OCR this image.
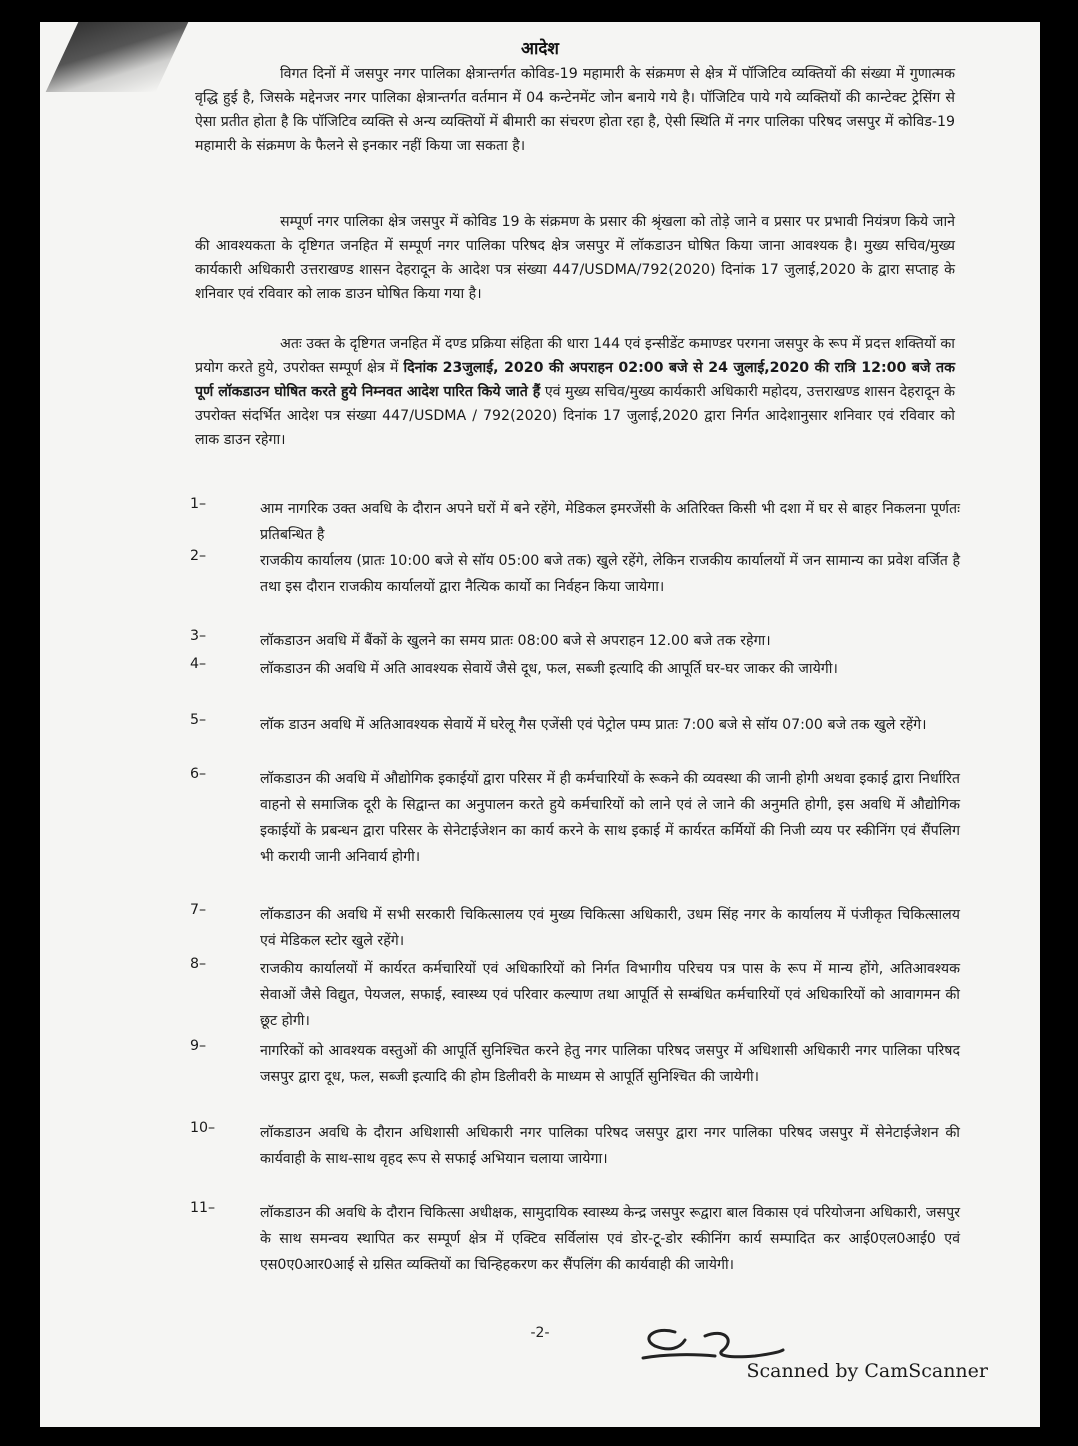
आदेश

विगत दिनों में जसपुर नगर पालिका क्षेत्रान्तर्गत कोविड-19 महामारी के संक्रमण से क्षेत्र में पॉजिटिव व्यक्तियों की संख्या में गुणात्मक वृद्धि हुई है, जिसके मद्देनजर नगर पालिका क्षेत्रान्तर्गत वर्तमान में 04 कन्टेनमेंट जोन बनाये गये है। पॉजिटिव पाये गये व्यक्तियों की कान्टेक्ट ट्रेसिंग से ऐसा प्रतीत होता है कि पॉजिटिव व्यक्ति से अन्य व्यक्तियों में बीमारी का संचरण होता रहा है, ऐसी स्थिति में नगर पालिका परिषद जसपुर में कोविड-19 महामारी के संक्रमण के फैलने से इनकार नहीं किया जा सकता है।

सम्पूर्ण नगर पालिका क्षेत्र जसपुर में कोविड 19 के संक्रमण के प्रसार की श्रृंखला को तोड़े जाने व प्रसार पर प्रभावी नियंत्रण किये जाने की आवश्यकता के दृष्टिगत जनहित में सम्पूर्ण नगर पालिका परिषद क्षेत्र जसपुर में लॉकडाउन घोषित किया जाना आवश्यक है। मुख्य सचिव/मुख्य कार्यकारी अधिकारी उत्तराखण्ड शासन देहरादून के आदेश पत्र संख्या 447/USDMA/792(2020) दिनांक 17 जुलाई,2020 के द्वारा सप्ताह के शनिवार एवं रविवार को लाक डाउन घोषित किया गया है।

अतः उक्त के दृष्टिगत जनहित में दण्ड प्रक्रिया संहिता की धारा 144 एवं इन्सीडेंट कमाण्डर परगना जसपुर के रूप में प्रदत्त शक्तियों का प्रयोग करते हुये, उपरोक्त सम्पूर्ण क्षेत्र में दिनांक 23जुलाई, 2020 की अपराहन 02:00 बजे से 24 जुलाई,2020 की रात्रि 12:00 बजे तक पूर्ण लॉकडाउन घोषित करते हुये निम्नवत आदेश पारित किये जाते हैं एवं मुख्य सचिव/मुख्य कार्यकारी अधिकारी महोदय, उत्तराखण्ड शासन देहरादून के उपरोक्त संदर्भित आदेश पत्र संख्या 447/USDMA / 792(2020) दिनांक 17 जुलाई,2020 द्वारा निर्गत आदेशानुसार शनिवार एवं रविवार को लाक डाउन रहेगा।

1–	आम नागरिक उक्त अवधि के दौरान अपने घरों में बने रहेंगे, मेडिकल इमरजेंसी के अतिरिक्त किसी भी दशा में घर से बाहर निकलना पूर्णतः प्रतिबन्धित है

2–	राजकीय कार्यालय (प्रातः 10:00 बजे से सॉय 05:00 बजे तक) खुले रहेंगे, लेकिन राजकीय कार्यालयों में जन सामान्य का प्रवेश वर्जित है तथा इस दौरान राजकीय कार्यालयों द्वारा नैत्यिक कार्यो का निर्वहन किया जायेगा।

3–	लॉकडाउन अवधि में बैंकों के खुलने का समय प्रातः 08:00 बजे से अपराहन 12.00 बजे तक रहेगा।

4–	लॉकडाउन की अवधि में अति आवश्यक सेवायें जैसे दूध, फल, सब्जी इत्यादि की आपूर्ति घर-घर जाकर की जायेगी।

5–	लॉक डाउन अवधि में अतिआवश्यक सेवायें में घरेलू गैस एजेंसी एवं पेट्रोल पम्प प्रातः 7:00 बजे से सॉय 07:00 बजे तक खुले रहेंगे।

6–	लॉकडाउन की अवधि में औद्योगिक इकाईयों द्वारा परिसर में ही कर्मचारियों के रूकने की व्यवस्था की जानी होगी अथवा इकाई द्वारा निर्धारित वाहनो से समाजिक दूरी के सिद्वान्त का अनुपालन करते हुये कर्मचारियों को लाने एवं ले जाने की अनुमति होगी, इस अवधि में औद्योगिक इकाईयों के प्रबन्धन द्वारा परिसर के सेनेटाईजेशन का कार्य करने के साथ इकाई में कार्यरत कर्मियों की निजी व्यय पर स्कीनिंग एवं सैंपलिग भी करायी जानी अनिवार्य होगी।

7–	लॉकडाउन की अवधि में सभी सरकारी चिकित्सालय एवं मुख्य चिकित्सा अधिकारी, उधम सिंह नगर के कार्यालय में पंजीकृत चिकित्सालय एवं मेडिकल स्टोर खुले रहेंगे।

8–	राजकीय कार्यालयों में कार्यरत कर्मचारियों एवं अधिकारियों को निर्गत विभागीय परिचय पत्र पास के रूप में मान्य होंगे, अतिआवश्यक सेवाओं जैसे विद्युत, पेयजल, सफाई, स्वास्थ्य एवं परिवार कल्याण तथा आपूर्ति से सम्बंधित कर्मचारियों एवं अधिकारियों को आवागमन की छूट होगी।

9–	नागरिकों को आवश्यक वस्तुओं की आपूर्ति सुनिश्चित करने हेतु नगर पालिका परिषद जसपुर में अधिशासी अधिकारी नगर पालिका परिषद जसपुर द्वारा दूध, फल, सब्जी इत्यादि की होम डिलीवरी के माध्यम से आपूर्ति सुनिश्चित की जायेगी।

10–	लॉकडाउन अवधि के दौरान अधिशासी अधिकारी नगर पालिका परिषद जसपुर द्वारा नगर पालिका परिषद जसपुर में सेनेटाईजेशन की कार्यवाही के साथ-साथ वृहद रूप से सफाई अभियान चलाया जायेगा।

11–	लॉकडाउन की अवधि के दौरान चिकित्सा अधीक्षक, सामुदायिक स्वास्थ्य केन्द्र जसपुर रूद्वारा बाल विकास एवं परियोजना अधिकारी, जसपुर के साथ समन्वय स्थापित कर सम्पूर्ण क्षेत्र में एक्टिव सर्विलांस एवं डोर-टू-डोर स्कीनिंग कार्य सम्पादित कर आई0एल0आई0 एवं एस0ए0आर0आई से ग्रसित व्यक्तियों का चिन्हिहकरण कर सैंपलिंग की कार्यवाही की जायेगी।

-2-
Scanned by CamScanner
